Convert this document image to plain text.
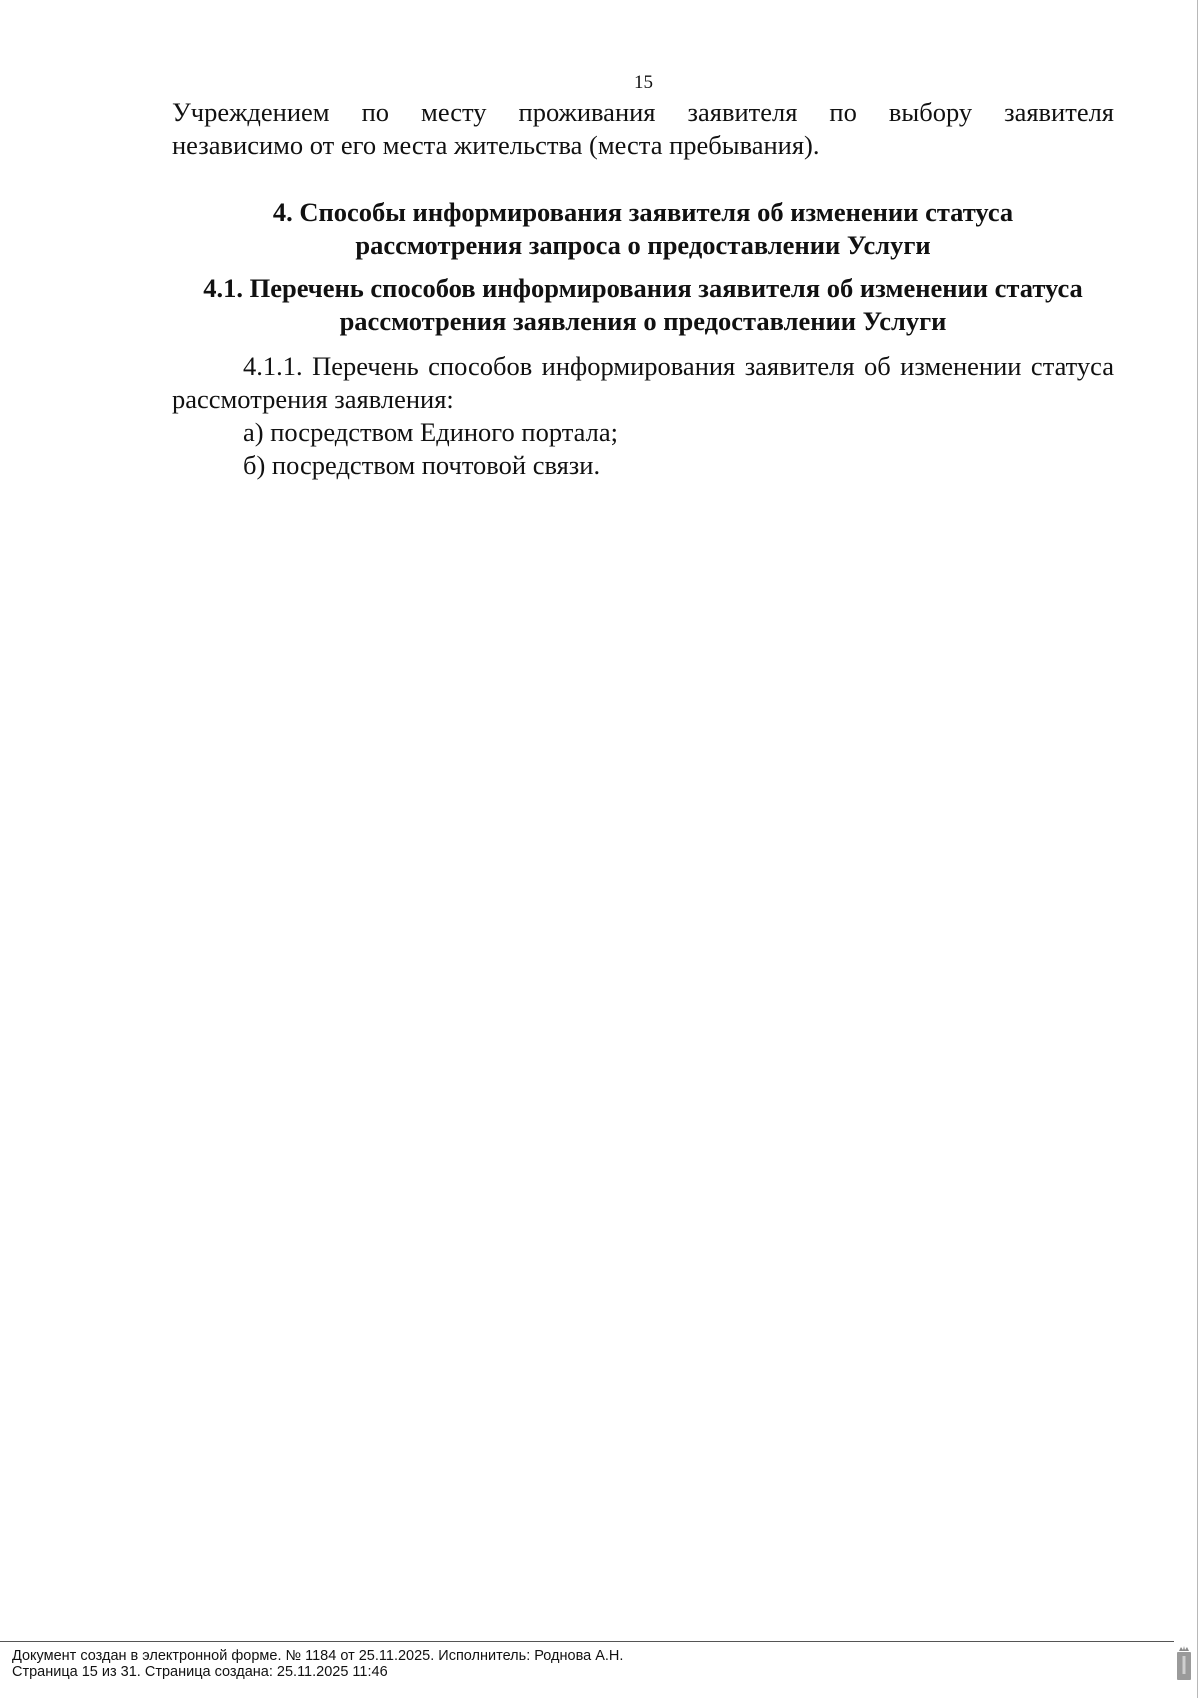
15

Учреждением по месту проживания заявителя по выбору заявителя

независимо от его места жительства (места пребывания).

4. Способы информирования заявителя об изменении статуса
рассмотрения запроса о предоставлении Услуги
4.1. Перечень способов информирования заявителя об изменении статуса
рассмотрения заявления о предоставлении Услуги

4.1.1. Перечень способов информирования заявителя об изменении статуса рассмотрения заявления:

а) посредством Единого портала;

б) посредством почтовой связи.

Документ создан в электронной форме. № 1184 от 25.11.2025. Исполнитель: Роднова А.Н.
Страница 15 из 31. Страница создана: 25.11.2025 11:46
